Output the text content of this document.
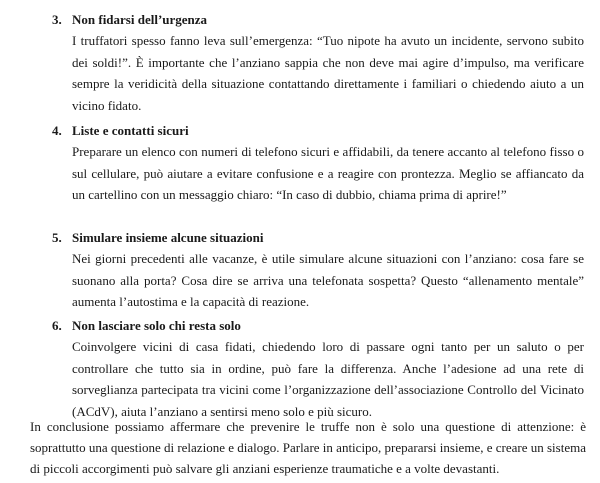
3. Non fidarsi dell’urgenza
I truffatori spesso fanno leva sull’emergenza: “Tuo nipote ha avuto un incidente, servono subito dei soldi!”. È importante che l’anziano sappia che non deve mai agire d’impulso, ma verificare sempre la veridicità della situazione contattando direttamente i familiari o chiedendo aiuto a un vicino fidato.
4. Liste e contatti sicuri
Preparare un elenco con numeri di telefono sicuri e affidabili, da tenere accanto al telefono fisso o sul cellulare, può aiutare a evitare confusione e a reagire con prontezza. Meglio se affiancato da un cartellino con un messaggio chiaro: “In caso di dubbio, chiama prima di aprire!”
5. Simulare insieme alcune situazioni
Nei giorni precedenti alle vacanze, è utile simulare alcune situazioni con l’anziano: cosa fare se suonano alla porta? Cosa dire se arriva una telefonata sospetta? Questo “allenamento mentale” aumenta l’autostima e la capacità di reazione.
6. Non lasciare solo chi resta solo
Coinvolgere vicini di casa fidati, chiedendo loro di passare ogni tanto per un saluto o per controllare che tutto sia in ordine, può fare la differenza. Anche l’adesione ad una rete di sorveglianza partecipata tra vicini come l’organizzazione dell’associazione Controllo del Vicinato (ACdV), aiuta l’anziano a sentirsi meno solo e più sicuro.
In conclusione possiamo affermare che prevenire le truffe non è solo una questione di attenzione: è soprattutto una questione di relazione e dialogo. Parlare in anticipo, prepararsi insieme, e creare un sistema di piccoli accorgimenti può salvare gli anziani esperienze traumatiche e a volte devastanti.
